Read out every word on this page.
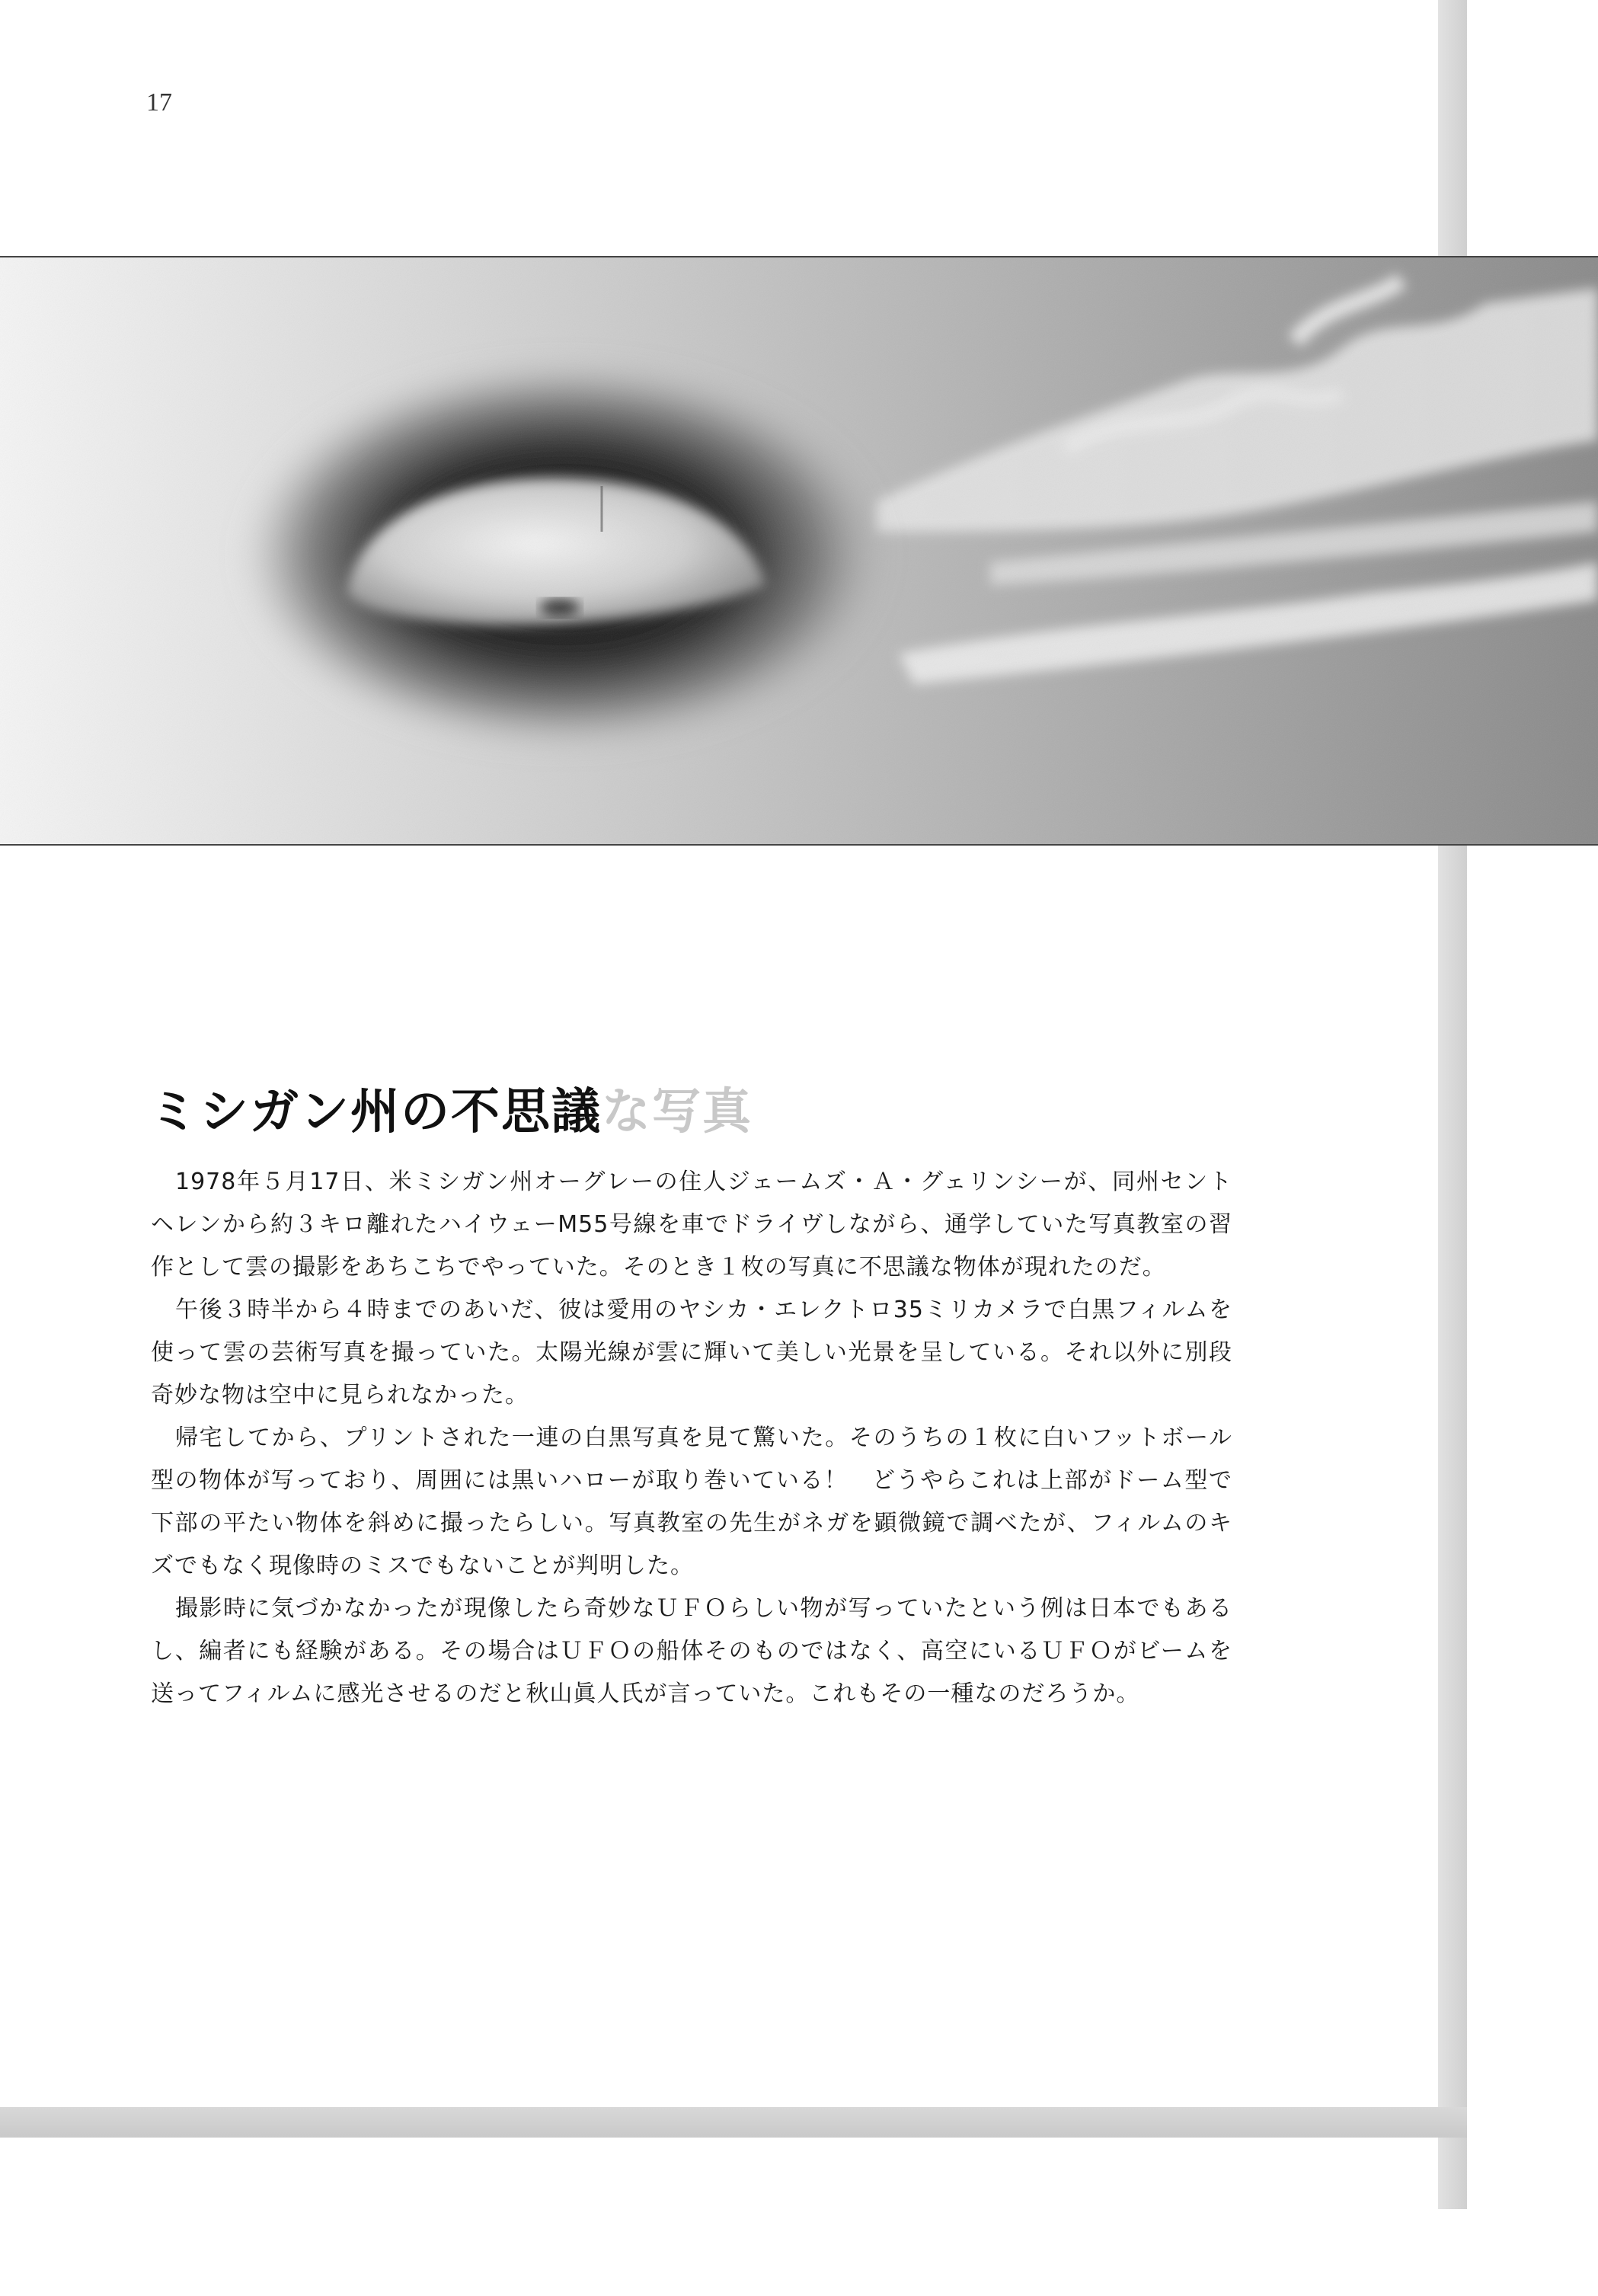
17
ミシガン州の不思議な写真

1978年５月17日、米ミシガン州オーグレーの住人ジェームズ・Ａ・グェリンシーが、同州セントヘレンから約３キロ離れたハイウェーM55号線を車でドライヴしながら、通学していた写真教室の習作として雲の撮影をあちこちでやっていた。そのとき１枚の写真に不思議な物体が現れたのだ。

午後３時半から４時までのあいだ、彼は愛用のヤシカ・エレクトロ35ミリカメラで白黒フィルムを使って雲の芸術写真を撮っていた。太陽光線が雲に輝いて美しい光景を呈している。それ以外に別段奇妙な物は空中に見られなかった。

帰宅してから、プリントされた一連の白黒写真を見て驚いた。そのうちの１枚に白いフットボール型の物体が写っており、周囲には黒いハローが取り巻いている！　どうやらこれは上部がドーム型で下部の平たい物体を斜めに撮ったらしい。写真教室の先生がネガを顕微鏡で調べたが、フィルムのキズでもなく現像時のミスでもないことが判明した。

撮影時に気づかなかったが現像したら奇妙なＵＦＯらしい物が写っていたという例は日本でもあるし、編者にも経験がある。その場合はＵＦＯの船体そのものではなく、高空にいるＵＦＯがビームを送ってフィルムに感光させるのだと秋山眞人氏が言っていた。これもその一種なのだろうか。
